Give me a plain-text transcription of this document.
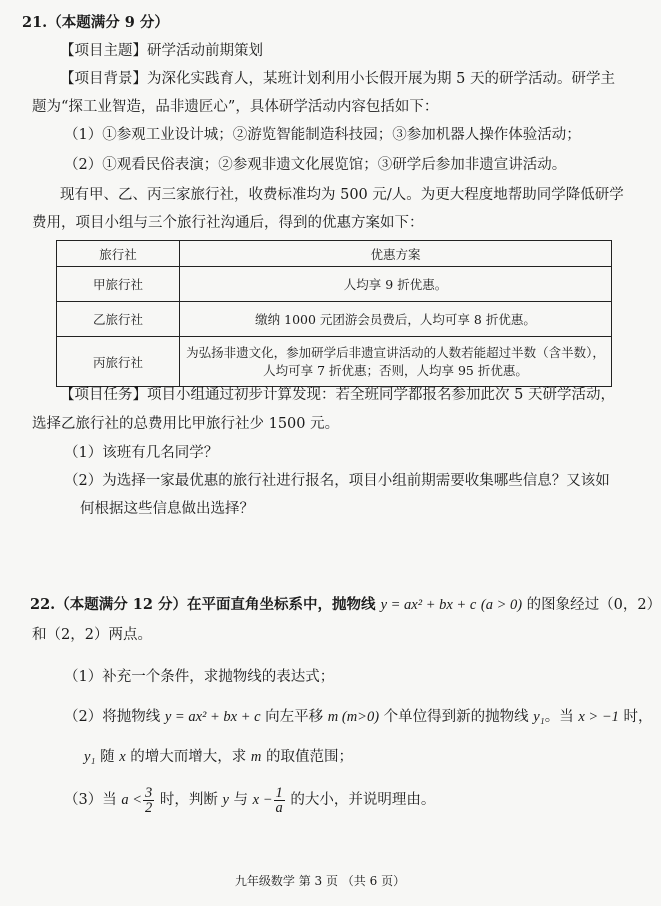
21.（本题满分 9 分）
【项目主题】研学活动前期策划
【项目背景】为深化实践育人，某班计划利用小长假开展为期 5 天的研学活动。研学主
题为“探工业智造，品非遗匠心”，具体研学活动内容包括如下：
（1）①参观工业设计城；②游览智能制造科技园；③参加机器人操作体验活动；
（2）①观看民俗表演；②参观非遗文化展览馆；③研学后参加非遗宣讲活动。
现有甲、乙、丙三家旅行社，收费标准均为 500 元/人。为更大程度地帮助同学降低研学
费用，项目小组与三个旅行社沟通后，得到的优惠方案如下：
旅行社	优惠方案
甲旅行社	人均享 9 折优惠。
乙旅行社	缴纳 1000 元团游会员费后，人均可享 8 折优惠。
丙旅行社	为弘扬非遗文化，参加研学后非遗宣讲活动的人数若能超过半数（含半数），
人均可享 7 折优惠；否则，人均享 95 折优惠。
【项目任务】项目小组通过初步计算发现：若全班同学都报名参加此次 5 天研学活动，
选择乙旅行社的总费用比甲旅行社少 1500 元。
（1）该班有几名同学？
（2）为选择一家最优惠的旅行社进行报名，项目小组前期需要收集哪些信息？又该如
何根据这些信息做出选择？
22.（本题满分 12 分）在平面直角坐标系中，抛物线 y = ax² + bx + c (a > 0) 的图象经过（0，2）
和（2，2）两点。
（1）补充一个条件，求抛物线的表达式；
（2）将抛物线 y = ax² + bx + c 向左平移 m (m>0) 个单位得到新的抛物线 y₁。当 x > −1 时，
y₁ 随 x 的增大而增大，求 m 的取值范围；
（3）当 $a < \frac{3}{2}$ 时，判断 y 与 $x - \frac{1}{a}$ 的大小，并说明理由。
九年级数学 第 3 页 （共 6 页）
